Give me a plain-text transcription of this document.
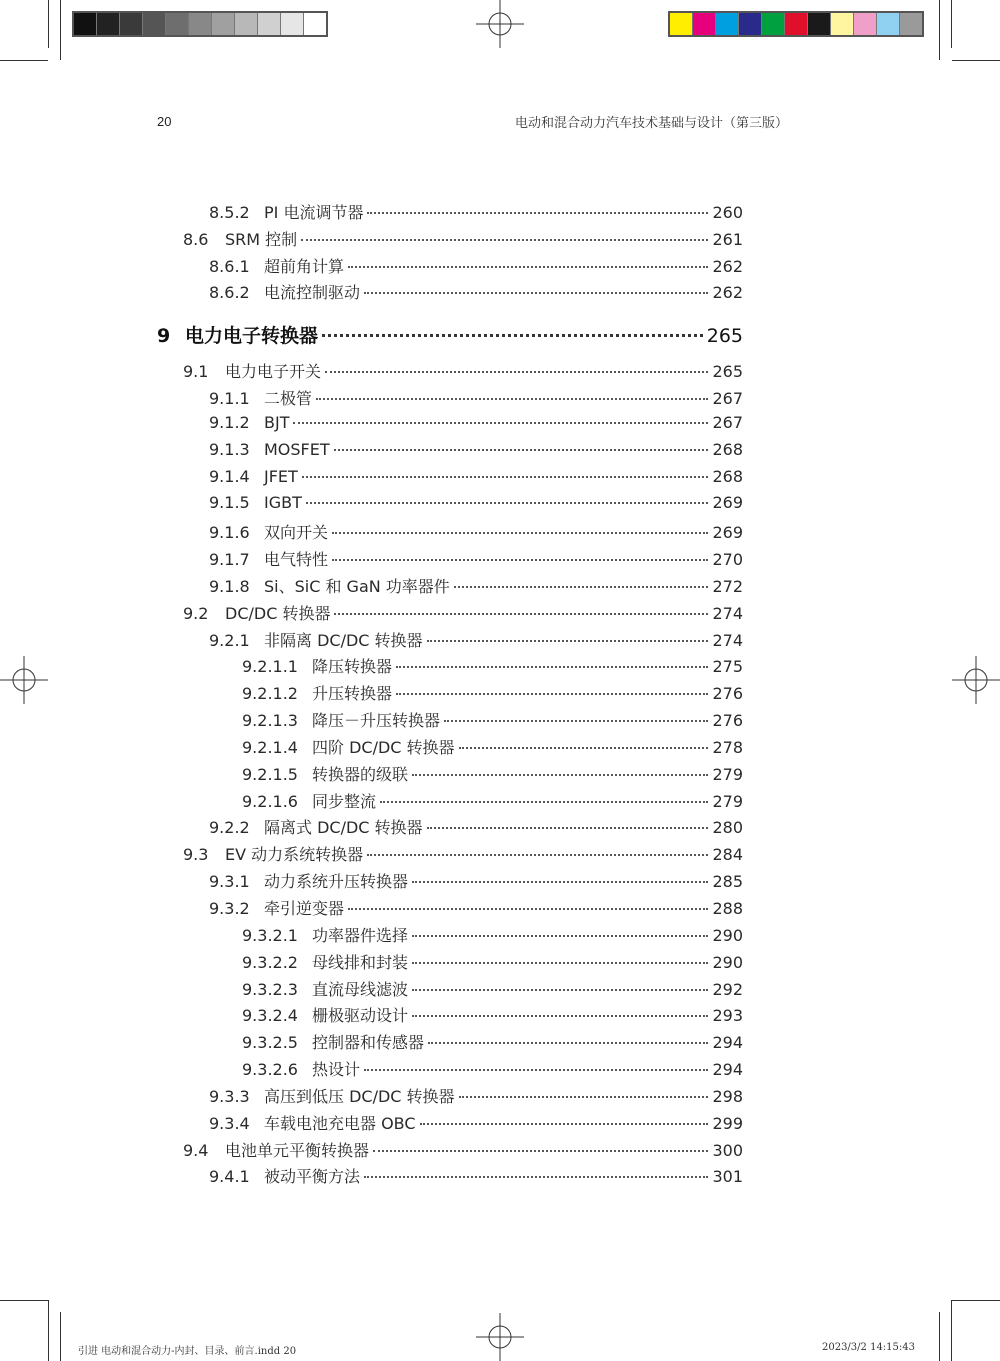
20	电动和混合动力汽车技术基础与设计（第三版）
8.5.2 PI 电流调节器	260
8.6	SRM 控制	261
8.6.1 超前角计算	262
8.6.2 电流控制驱动	262
9 电力电子转换器	265
9.1	电力电子开关	265
9.1.1 二极管	267
9.1.2 BJT	267
9.1.3 MOSFET	268
9.1.4 JFET	268
9.1.5 IGBT	269
9.1.6 双向开关	269
9.1.7 电气特性	270
9.1.8 Si、SiC 和 GaN 功率器件	272
9.2	DC/DC 转换器	274
9.2.1 非隔离 DC/DC 转换器	274
9.2.1.1 降压转换器	275
9.2.1.2 升压转换器	276
9.2.1.3 降压－升压转换器	276
9.2.1.4 四阶 DC/DC 转换器	278
9.2.1.5 转换器的级联	279
9.2.1.6 同步整流	279
9.2.2 隔离式 DC/DC 转换器	280
9.3	EV 动力系统转换器	284
9.3.1 动力系统升压转换器	285
9.3.2 牵引逆变器	288
9.3.2.1 功率器件选择	290
9.3.2.2 母线排和封装	290
9.3.2.3 直流母线滤波	292
9.3.2.4 栅极驱动设计	293
9.3.2.5 控制器和传感器	294
9.3.2.6 热设计	294
9.3.3 高压到低压 DC/DC 转换器	298
9.3.4 车载电池充电器 OBC	299
9.4	电池单元平衡转换器	300
9.4.1 被动平衡方法	301
引进 电动和混合动力-内封、目录、前言.indd 20	2023/3/2 14:15:43
